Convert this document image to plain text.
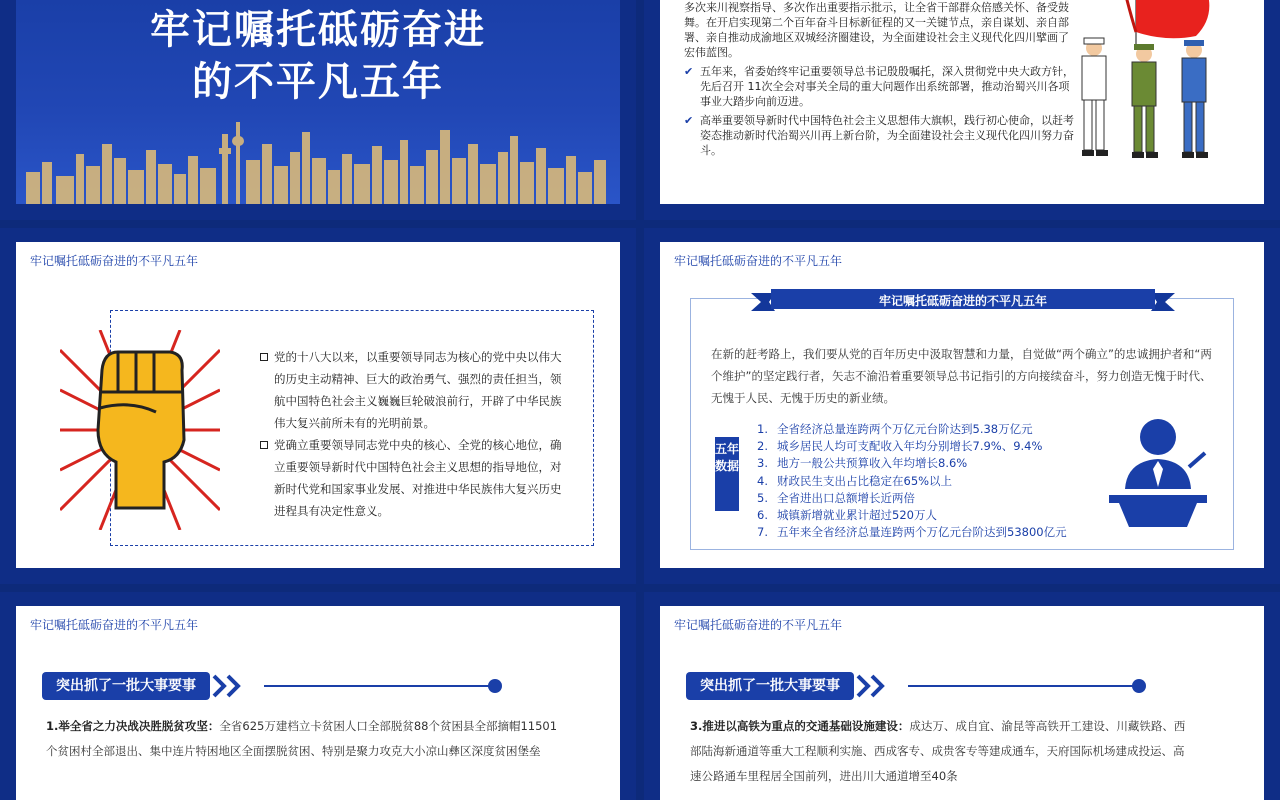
牢记嘱托砥砺奋进
的不平凡五年

多次来川视察指导、多次作出重要指示批示，让全省干部群众倍感关怀、备受鼓舞。在开启实现第二个百年奋斗目标新征程的又一关键节点，亲自谋划、亲自部署、亲自推动成渝地区双城经济圈建设，为全面建设社会主义现代化四川擘画了宏伟蓝图。

✔ 五年来，省委始终牢记重要领导总书记殷殷嘱托，深入贯彻党中央大政方针，先后召开 11次全会对事关全局的重大问题作出系统部署，推动治蜀兴川各项事业大踏步向前迈进。
✔ 高举重要领导新时代中国特色社会主义思想伟大旗帜，践行初心使命，以赶考姿态推动新时代治蜀兴川再上新台阶，为全面建设社会主义现代化四川努力奋斗。
牢记嘱托砥砺奋进的不平凡五年
党的十八大以来，以重要领导同志为核心的党中央以伟大的历史主动精神、巨大的政治勇气、强烈的责任担当，领航中国特色社会主义巍巍巨轮破浪前行，开辟了中华民族伟大复兴前所未有的光明前景。
党确立重要领导同志党中央的核心、全党的核心地位，确立重要领导新时代中国特色社会主义思想的指导地位，对新时代党和国家事业发展、对推进中华民族伟大复兴历史进程具有决定性意义。
牢记嘱托砥砺奋进的不平凡五年
牢记嘱托砥砺奋进的不平凡五年
在新的赶考路上，我们要从党的百年历史中汲取智慧和力量，自觉做“两个确立”的忠诚拥护者和“两个维护”的坚定践行者，矢志不渝沿着重要领导总书记指引的方向接续奋斗，努力创造无愧于时代、无愧于人民、无愧于历史的新业绩。
五年数据
1. 全省经济总量连跨两个万亿元台阶达到5.38万亿元
2. 城乡居民人均可支配收入年均分别增长7.9%、9.4%
3. 地方一般公共预算收入年均增长8.6%
4. 财政民生支出占比稳定在65%以上
5. 全省进出口总额增长近两倍
6. 城镇新增就业累计超过520万人
7. 五年来全省经济总量连跨两个万亿元台阶达到53800亿元
牢记嘱托砥砺奋进的不平凡五年
突出抓了一批大事要事
1.举全省之力决战决胜脱贫攻坚：全省625万建档立卡贫困人口全部脱贫88个贫困县全部摘帽11501个贫困村全部退出、集中连片特困地区全面摆脱贫困、特别是聚力攻克大小凉山彝区深度贫困堡垒
牢记嘱托砥砺奋进的不平凡五年
突出抓了一批大事要事
3.推进以高铁为重点的交通基础设施建设：成达万、成自宜、渝昆等高铁开工建设、川藏铁路、西部陆海新通道等重大工程顺利实施、西成客专、成贵客专等建成通车，天府国际机场建成投运、高速公路通车里程居全国前列，进出川大通道增至40条
